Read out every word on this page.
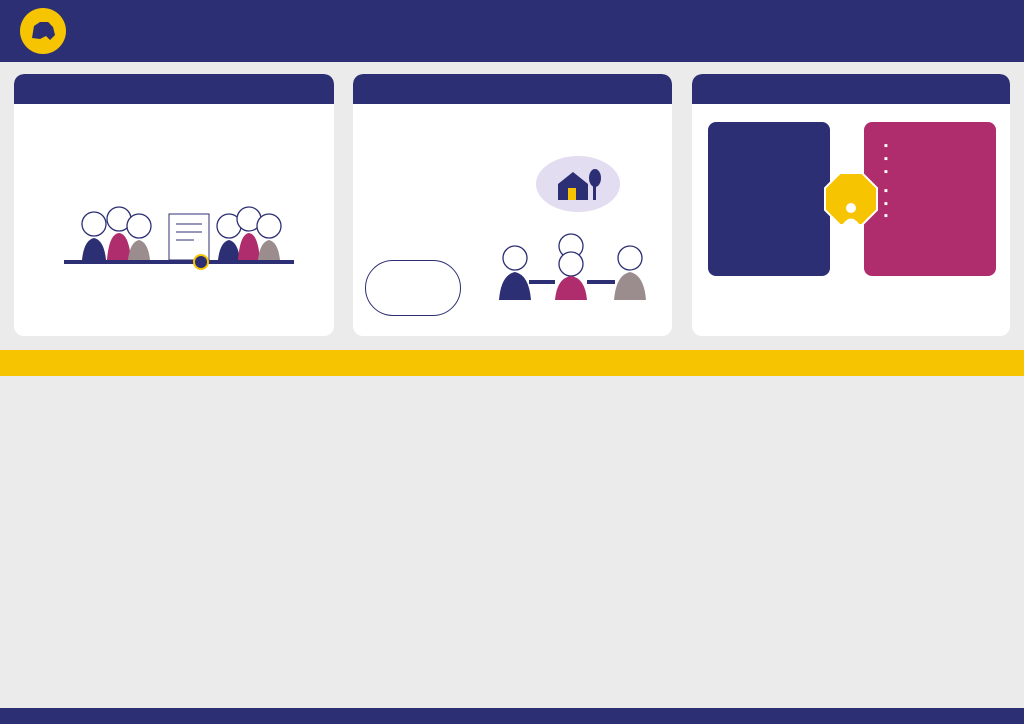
■
■
■
■
■
■
